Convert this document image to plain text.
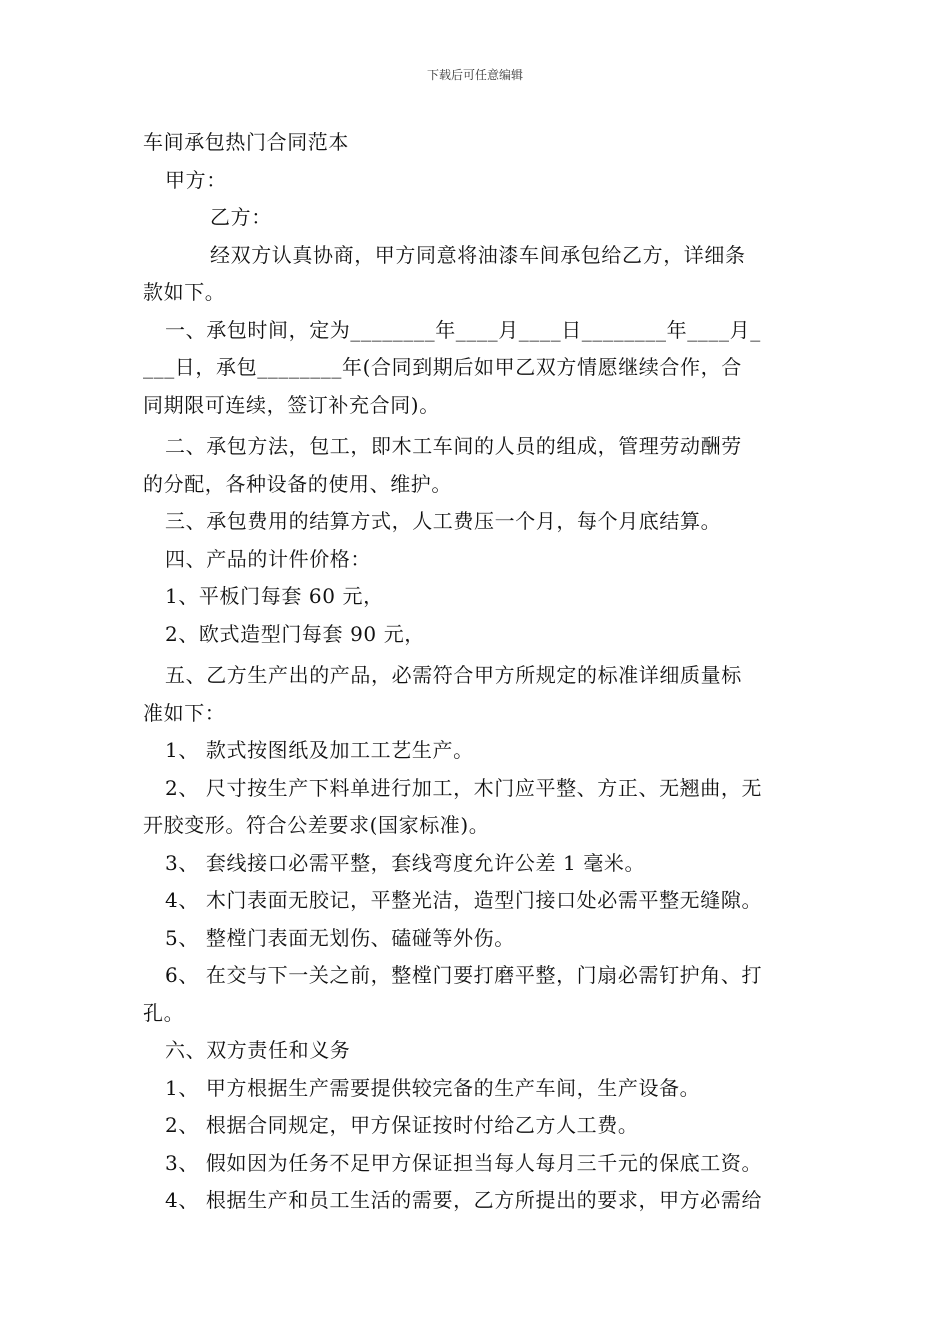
下载后可任意编辑
车间承包热门合同范本
甲方：
乙方：
经双方认真协商，甲方同意将油漆车间承包给乙方，详细条
款如下。
一、承包时间，定为________年____月____日________年____月_
___日，承包________年(合同到期后如甲乙双方情愿继续合作，合
同期限可连续，签订补充合同)。
二、承包方法，包工，即木工车间的人员的组成，管理劳动酬劳
的分配，各种设备的使用、维护。
三、承包费用的结算方式，人工费压一个月，每个月底结算。
四、产品的计件价格：
1、平板门每套 60 元，
2、欧式造型门每套 90 元，
五、乙方生产出的产品，必需符合甲方所规定的标准详细质量标
准如下：
1、 款式按图纸及加工工艺生产。
2、 尺寸按生产下料单进行加工，木门应平整、方正、无翘曲，无
开胶变形。符合公差要求(国家标准)。
3、 套线接口必需平整，套线弯度允许公差 1 毫米。
4、 木门表面无胶记，平整光洁，造型门接口处必需平整无缝隙。
5、 整樘门表面无划伤、磕碰等外伤。
6、 在交与下一关之前，整樘门要打磨平整，门扇必需钉护角、打
孔。
六、双方责任和义务
1、 甲方根据生产需要提供较完备的生产车间，生产设备。
2、 根据合同规定，甲方保证按时付给乙方人工费。
3、 假如因为任务不足甲方保证担当每人每月三千元的保底工资。
4、 根据生产和员工生活的需要，乙方所提出的要求，甲方必需给
